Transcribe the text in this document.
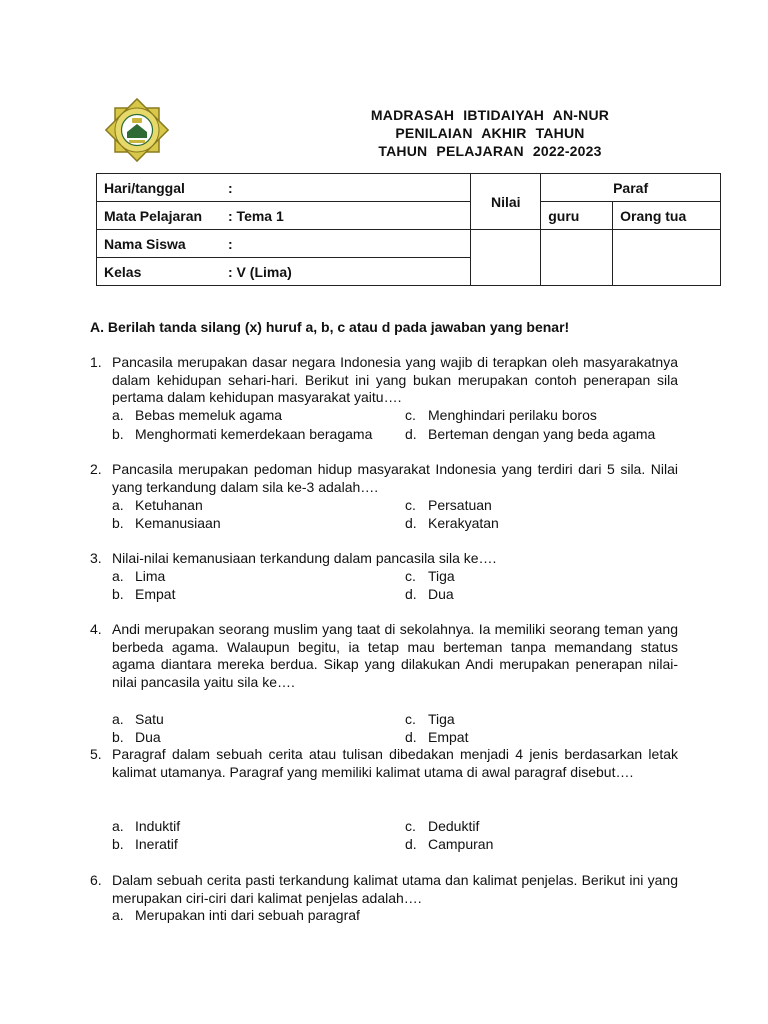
MADRASAH IBTIDAIYAH AN-NUR
PENILAIAN AKHIR TAHUN
TAHUN PELAJARAN 2022-2023
Hari/tanggal :	Nilai	Paraf	
Mata Pelajaran : Tema 1		guru	Orang tua
Nama Siswa :			
Kelas : V (Lima)			
A. Berilah tanda silang (x) huruf a, b, c atau d pada jawaban yang benar!
1. Pancasila merupakan dasar negara Indonesia yang wajib di terapkan oleh masyarakatnya dalam kehidupan sehari-hari. Berikut ini yang bukan merupakan contoh penerapan sila pertama dalam kehidupan masyarakat yaitu….
a. Bebas memeluk agama
b. Menghormati kemerdekaan beragama
c. Menghindari perilaku boros
d. Berteman dengan yang beda agama
2. Pancasila merupakan pedoman hidup masyarakat Indonesia yang terdiri dari 5 sila. Nilai yang terkandung dalam sila ke-3 adalah….
a. Ketuhanan
b. Kemanusiaan
c. Persatuan
d. Kerakyatan
3. Nilai-nilai kemanusiaan terkandung dalam pancasila sila ke….
a. Lima
b. Empat
c. Tiga
d. Dua
4. Andi merupakan seorang muslim yang taat di sekolahnya. Ia memiliki seorang teman yang berbeda agama. Walaupun begitu, ia tetap mau berteman tanpa memandang status agama diantara mereka berdua. Sikap yang dilakukan Andi merupakan penerapan nilai-nilai pancasila yaitu sila ke….
a. Satu
b. Dua
c. Tiga
d. Empat
5. Paragraf dalam sebuah cerita atau tulisan dibedakan menjadi 4 jenis berdasarkan letak kalimat utamanya. Paragraf yang memiliki kalimat utama di awal paragraf disebut….
a. Induktif
b. Ineratif
c. Deduktif
d. Campuran
6. Dalam sebuah cerita pasti terkandung kalimat utama dan kalimat penjelas. Berikut ini yang merupakan ciri-ciri dari kalimat penjelas adalah….
a. Merupakan inti dari sebuah paragraf
